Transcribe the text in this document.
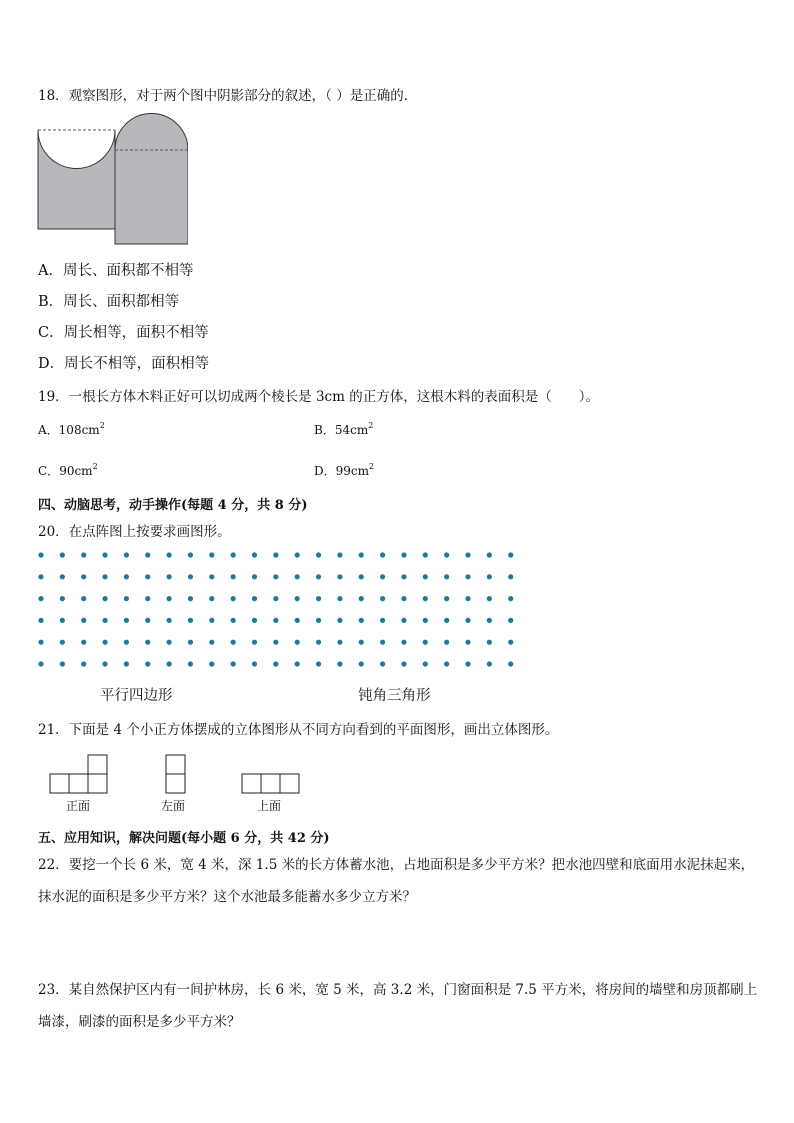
18．观察图形，对于两个图中阴影部分的叙述，（ ）是正确的.
A．周长、面积都不相等
B．周长、面积都相等
C．周长相等，面积不相等
D．周长不相等，面积相等
19．一根长方体木料正好可以切成两个棱长是 3cm 的正方体，这根木料的表面积是（　　）。
A．$108cm^2$	B．$54cm^2$
C．$90cm^2$	D．$99cm^2$
四、动脑思考，动手操作(每题 4 分，共 8 分)
20．在点阵图上按要求画图形。
平行四边形	钝角三角形
21．下面是 4 个小正方体摆成的立体图形从不同方向看到的平面图形，画出立体图形。
正面	左面	上面
五、应用知识，解决问题(每小题 6 分，共 42 分)
22．要挖一个长 6 米，宽 4 米，深 1.5 米的长方体蓄水池，占地面积是多少平方米？把水池四壁和底面用水泥抹起来，
抹水泥的面积是多少平方米？这个水池最多能蓄水多少立方米？
23．某自然保护区内有一间护林房，长 6 米，宽 5 米，高 3.2 米，门窗面积是 7.5 平方米，将房间的墙壁和房顶都刷上
墙漆，刷漆的面积是多少平方米？
